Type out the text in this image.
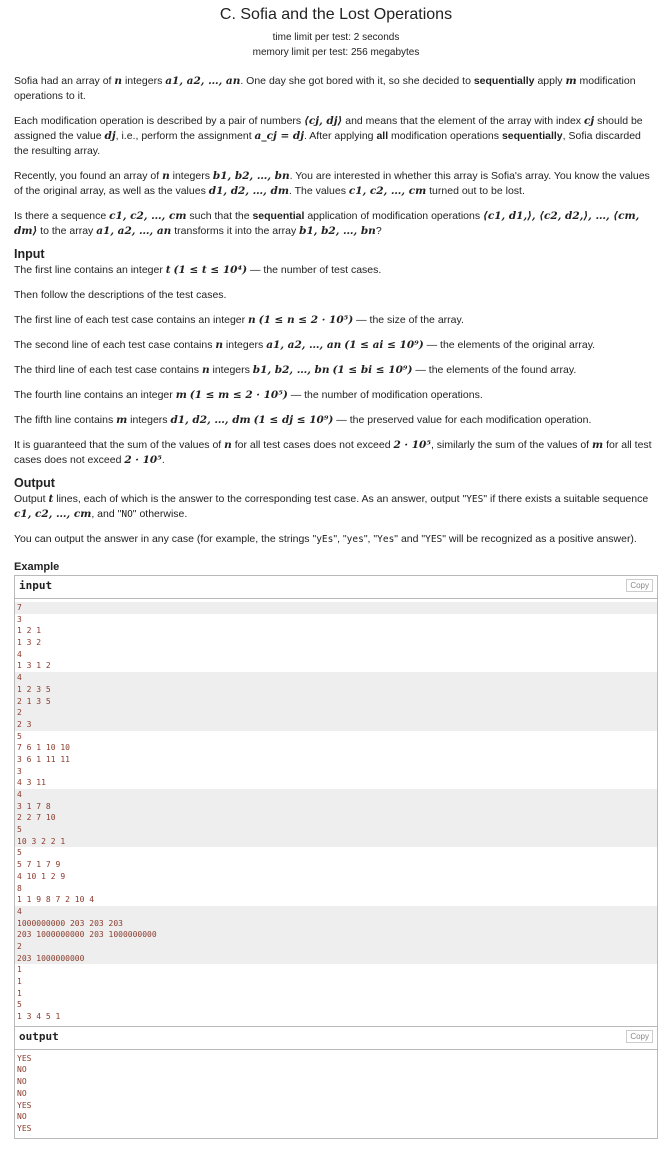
C. Sofia and the Lost Operations
time limit per test: 2 seconds
memory limit per test: 256 megabytes

Sofia had an array of n integers a1, a2, …, an. One day she got bored with it, so she decided to sequentially apply m modification operations to it.

Each modification operation is described by a pair of numbers ⟨cj, dj⟩ and means that the element of the array with index cj should be assigned the value dj, i.e., perform the assignment a_cj = dj. After applying all modification operations sequentially, Sofia discarded the resulting array.

Recently, you found an array of n integers b1, b2, …, bn. You are interested in whether this array is Sofia's array. You know the values of the original array, as well as the values d1, d2, …, dm. The values c1, c2, …, cm turned out to be lost.

Is there a sequence c1, c2, …, cm such that the sequential application of modification operations ⟨c1, d1,⟩, ⟨c2, d2,⟩, …, ⟨cm, dm⟩ to the array a1, a2, …, an transforms it into the array b1, b2, …, bn?

Input

The first line contains an integer t (1 ≤ t ≤ 10⁴) — the number of test cases.

Then follow the descriptions of the test cases.

The first line of each test case contains an integer n (1 ≤ n ≤ 2 · 10⁵) — the size of the array.

The second line of each test case contains n integers a1, a2, …, an (1 ≤ ai ≤ 10⁹) — the elements of the original array.

The third line of each test case contains n integers b1, b2, …, bn (1 ≤ bi ≤ 10⁹) — the elements of the found array.

The fourth line contains an integer m (1 ≤ m ≤ 2 · 10⁵) — the number of modification operations.

The fifth line contains m integers d1, d2, …, dm (1 ≤ dj ≤ 10⁹) — the preserved value for each modification operation.

It is guaranteed that the sum of the values of n for all test cases does not exceed 2 · 10⁵, similarly the sum of the values of m for all test cases does not exceed 2 · 10⁵.

Output

Output t lines, each of which is the answer to the corresponding test case. As an answer, output "YES" if there exists a suitable sequence c1, c2, …, cm, and "NO" otherwise.

You can output the answer in any case (for example, the strings "yEs", "yes", "Yes" and "YES" will be recognized as a positive answer).

Example
input	Copy
7
3
1 2 1
1 3 2
4
1 3 1 2
4
1 2 3 5
2 1 3 5
2
2 3
5
7 6 1 10 10
3 6 1 11 11
3
4 3 11
4
3 1 7 8
2 2 7 10
5
10 3 2 2 1
5
5 7 1 7 9
4 10 1 2 9
8
1 1 9 8 7 2 10 4
4
1000000000 203 203 203
203 1000000000 203 1000000000
2
203 1000000000
1
1
1
5
1 3 4 5 1
output	Copy
YES
NO
NO
NO
YES
NO
YES
